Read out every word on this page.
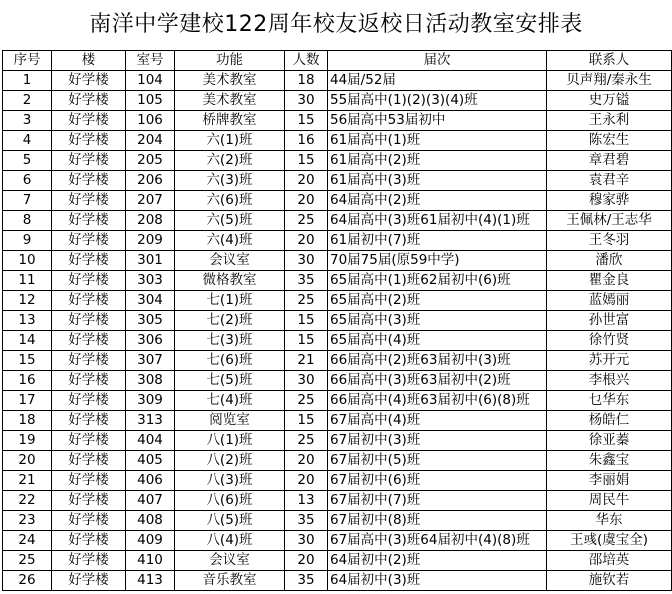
南洋中学建校122周年校友返校日活动教室安排表
序号	楼	室号	功能	人数	届次	联系人
1	好学楼	104	美术教室	18	44届/52届	贝声翔/秦永生
2	好学楼	105	美术教室	30	55届高中(1)(2)(3)(4)班	史万镒
3	好学楼	106	桥牌教室	15	56届高中53届初中	王永利
4	好学楼	204	六(1)班	16	61届高中(1)班	陈宏生
5	好学楼	205	六(2)班	15	61届高中(2)班	章君碧
6	好学楼	206	六(3)班	20	61届高中(3)班	袁君辛
7	好学楼	207	六(6)班	20	64届高中(2)班	穆家骅
8	好学楼	208	六(5)班	25	64届高中(3)班61届初中(4)(1)班	王佩林/王志华
9	好学楼	209	六(4)班	20	61届初中(7)班	王冬羽
10	好学楼	301	会议室	30	70届75届(原59中学)	潘欣
11	好学楼	303	微格教室	35	65届高中(1)班62届初中(6)班	瞿金良
12	好学楼	304	七(1)班	25	65届高中(2)班	蓝嫣丽
13	好学楼	305	七(2)班	15	65届高中(3)班	孙世富
14	好学楼	306	七(3)班	15	65届高中(4)班	徐竹贤
15	好学楼	307	七(6)班	21	66届高中(2)班63届初中(3)班	苏开元
16	好学楼	308	七(5)班	30	66届高中(3)班63届初中(2)班	李根兴
17	好学楼	309	七(4)班	25	66届高中(4)班63届初中(6)(8)班	乜华东
18	好学楼	313	阅览室	15	67届高中(4)班	杨皓仁
19	好学楼	404	八(1)班	25	67届初中(3)班	徐亚蓁
20	好学楼	405	八(2)班	20	67届初中(5)班	朱鑫宝
21	好学楼	406	八(3)班	20	67届初中(6)班	李丽娟
22	好学楼	407	八(6)班	13	67届初中(7)班	周民牛
23	好学楼	408	八(5)班	35	67届初中(8)班	华东
24	好学楼	409	八(4)班	30	67届高中(3)班64届初中(4)(8)班	王彧(虞宝全)
25	好学楼	410	会议室	20	64届初中(2)班	邵培英
26	好学楼	413	音乐教室	35	64届初中(3)班	施钦若
